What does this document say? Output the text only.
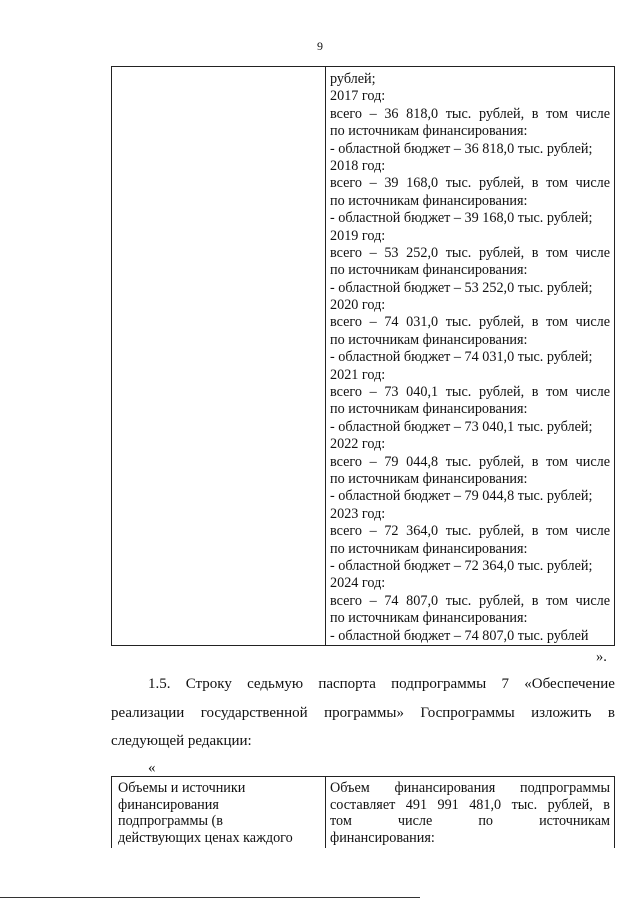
9
рублей;
2017 год:
всего – 36 818,0 тыс. рублей, в том числе
по источникам финансирования:
- областной бюджет – 36 818,0 тыс. рублей;
2018 год:
всего – 39 168,0 тыс. рублей, в том числе
по источникам финансирования:
- областной бюджет – 39 168,0 тыс. рублей;
2019 год:
всего – 53 252,0 тыс. рублей, в том числе
по источникам финансирования:
- областной бюджет – 53 252,0 тыс. рублей;
2020 год:
всего – 74 031,0 тыс. рублей, в том числе
по источникам финансирования:
- областной бюджет – 74 031,0 тыс. рублей;
2021 год:
всего – 73 040,1 тыс. рублей, в том числе
по источникам финансирования:
- областной бюджет – 73 040,1 тыс. рублей;
2022 год:
всего – 79 044,8 тыс. рублей, в том числе
по источникам финансирования:
- областной бюджет – 79 044,8 тыс. рублей;
2023 год:
всего – 72 364,0 тыс. рублей, в том числе
по источникам финансирования:
- областной бюджет – 72 364,0 тыс. рублей;
2024 год:
всего – 74 807,0 тыс. рублей, в том числе
по источникам финансирования:
- областной бюджет – 74 807,0 тыс. рублей
».
1.5. Строку седьмую паспорта подпрограммы 7 «Обеспечение
реализации государственной программы» Госпрограммы изложить в
следующей редакции:
«
Объемы и источники
финансирования
подпрограммы (в
действующих ценах каждого
Объем финансирования подпрограммы
составляет 491 991 481,0 тыс. рублей, в
том	числе	по	источникам
финансирования:
